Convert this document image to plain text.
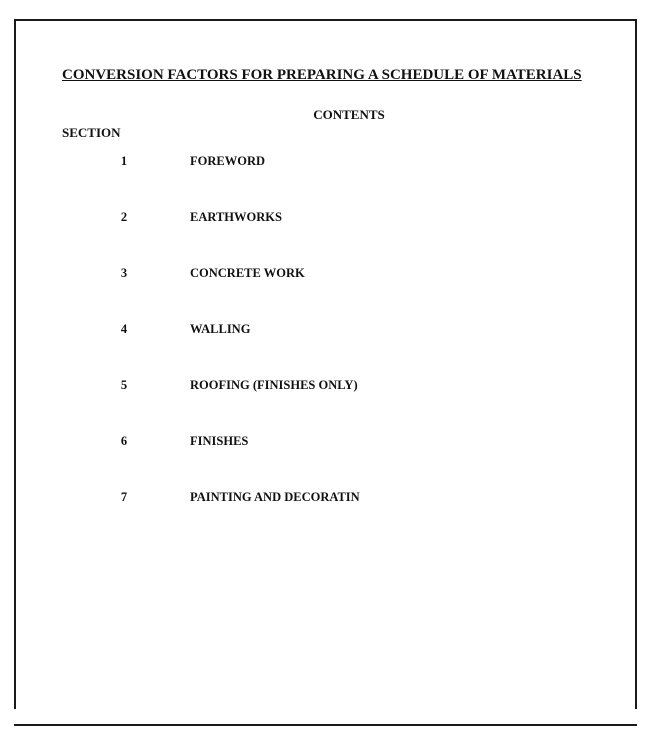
CONVERSION FACTORS FOR PREPARING A SCHEDULE OF MATERIALS
CONTENTS
SECTION
1	FOREWORD
2	EARTHWORKS
3	CONCRETE WORK
4	WALLING
5	ROOFING (FINISHES ONLY)
6	FINISHES
7	PAINTING AND DECORATIN
